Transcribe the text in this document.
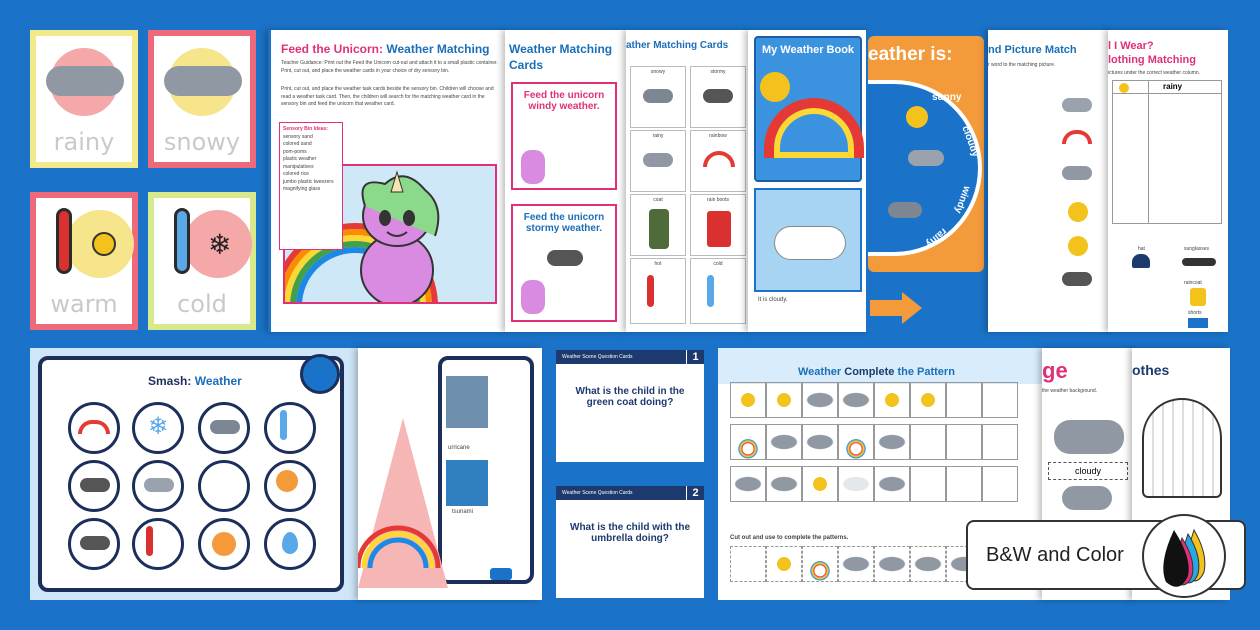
rainy	snowy
warm
❄
cold
Feed the Unicorn: Weather Matching
Teacher Guidance: Print out the Feed the Unicorn cut-out and attach it to a small plastic container. Print, cut out, and place the weather cards in your choice of dry sensory bin.
Print, cut out, and place the weather task cards beside the sensory bin. Children will choose and read a weather task card. Then, the children will search for the matching weather card in the sensory bin and feed the unicorn that weather card.
Sensory Bin Ideas:
sensory sand
colored sand
pom-poms
plastic weather manipulatives
colored rice
jumbo plastic tweezers
magnifying glass
Weather Matching Cards
Feed the unicorn windy weather.
Feed the unicorn stormy weather.
ather Matching Cards
snowy	stormy
rainy	rainbow
coat	rain boots
hot	cold
My Weather Book
It is cloudy.
eather is:
sunny
cloudy
windy
rainy
nd Picture Match
r word to the matching picture.
l I Wear?
lothing Matching
ictures under the correct weather column.
rainy
hat	sunglasses
raincoat
shorts
Smash: Weather
❄
urricane
tsunami
Weather Scene Question Cards	1
What is the child in the green coat doing?
Weather Scene Question Cards	2
What is the child with the umbrella doing?
Weather Complete the Pattern
Cut out and use to complete the patterns.
ge
the weather background.
cloudy
othes
B&W and Color
